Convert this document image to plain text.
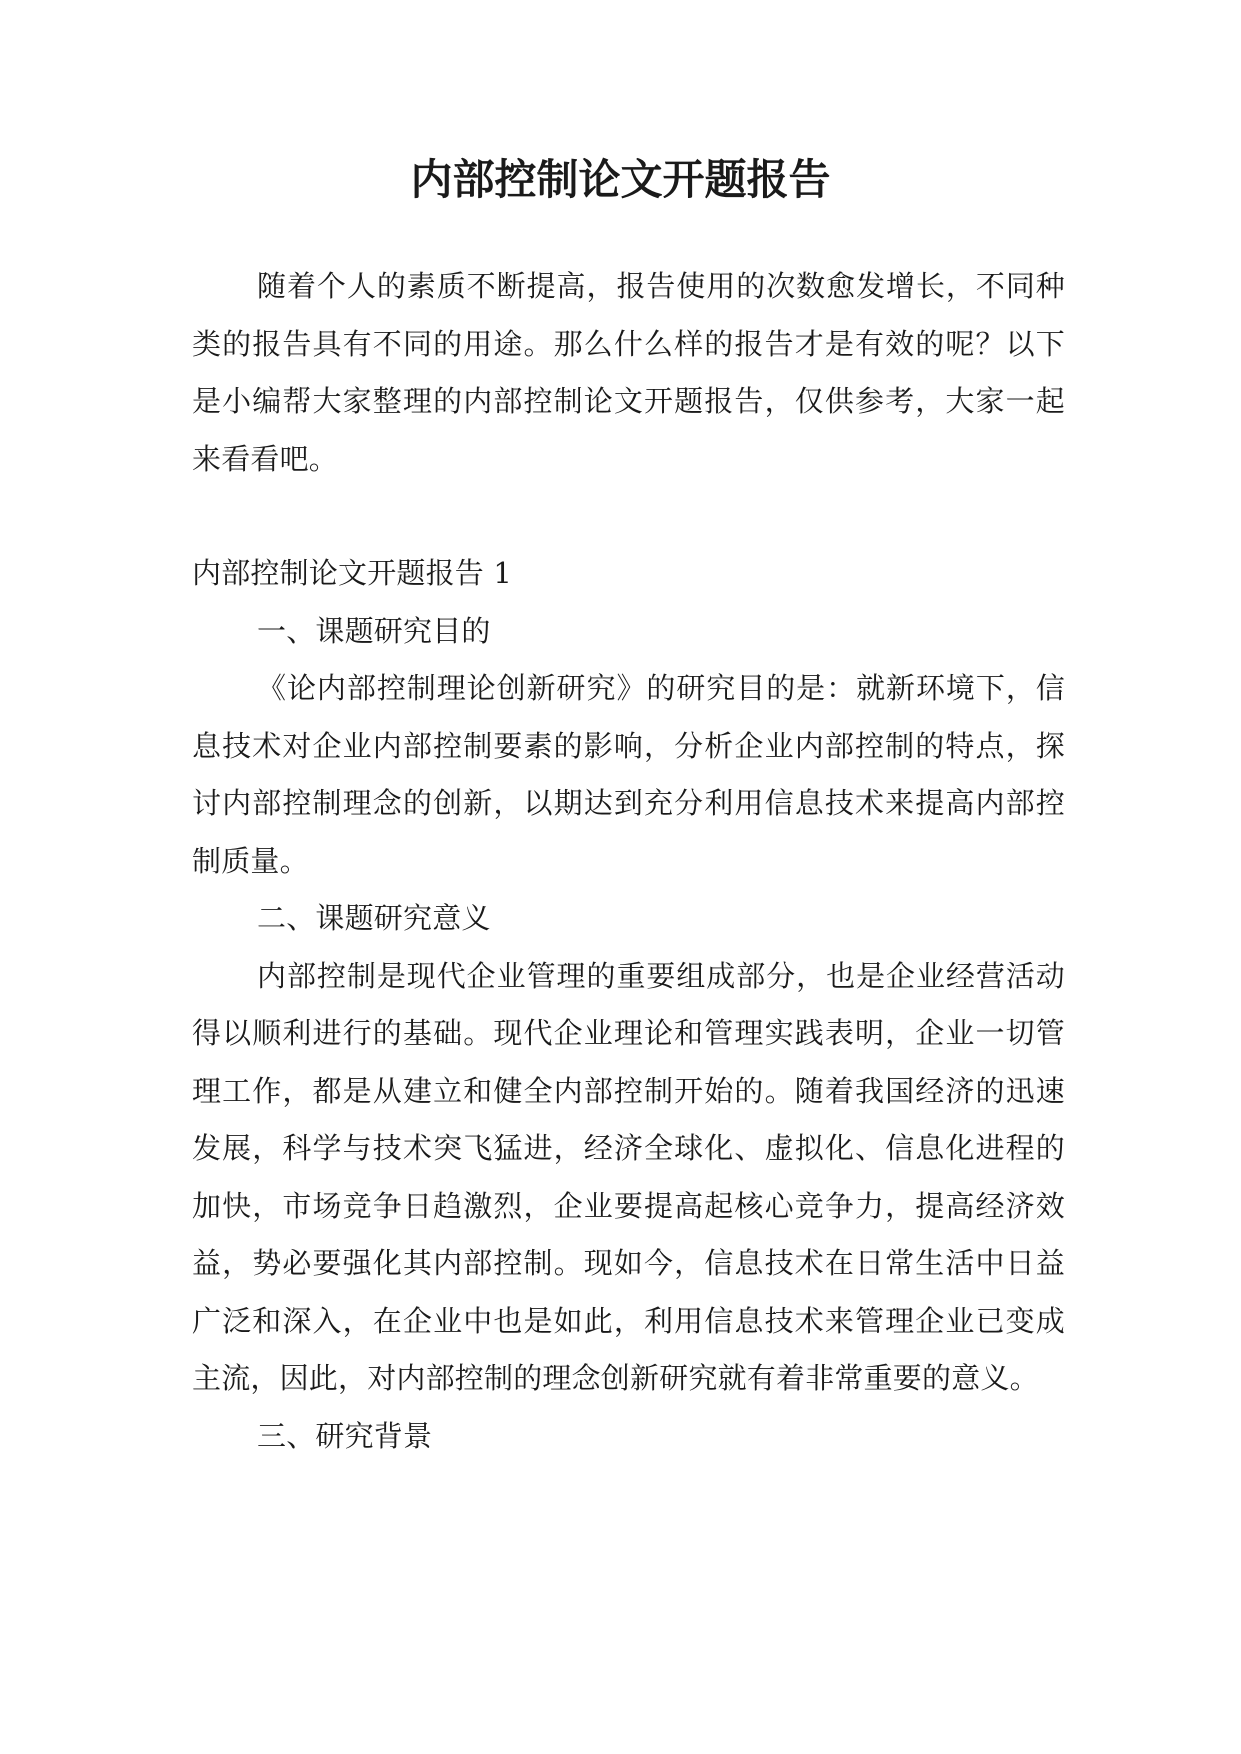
内部控制论文开题报告

随着个人的素质不断提高，报告使用的次数愈发增长，不同种类的报告具有不同的用途。那么什么样的报告才是有效的呢？以下是小编帮大家整理的内部控制论文开题报告，仅供参考，大家一起来看看吧。

内部控制论文开题报告 1

一、课题研究目的

《论内部控制理论创新研究》的研究目的是：就新环境下，信息技术对企业内部控制要素的影响，分析企业内部控制的特点，探讨内部控制理念的创新，以期达到充分利用信息技术来提高内部控制质量。

二、课题研究意义

内部控制是现代企业管理的重要组成部分，也是企业经营活动得以顺利进行的基础。现代企业理论和管理实践表明，企业一切管理工作，都是从建立和健全内部控制开始的。随着我国经济的迅速发展，科学与技术突飞猛进，经济全球化、虚拟化、信息化进程的加快，市场竞争日趋激烈，企业要提高起核心竞争力，提高经济效益，势必要强化其内部控制。现如今，信息技术在日常生活中日益广泛和深入，在企业中也是如此，利用信息技术来管理企业已变成主流，因此，对内部控制的理念创新研究就有着非常重要的意义。

三、研究背景
